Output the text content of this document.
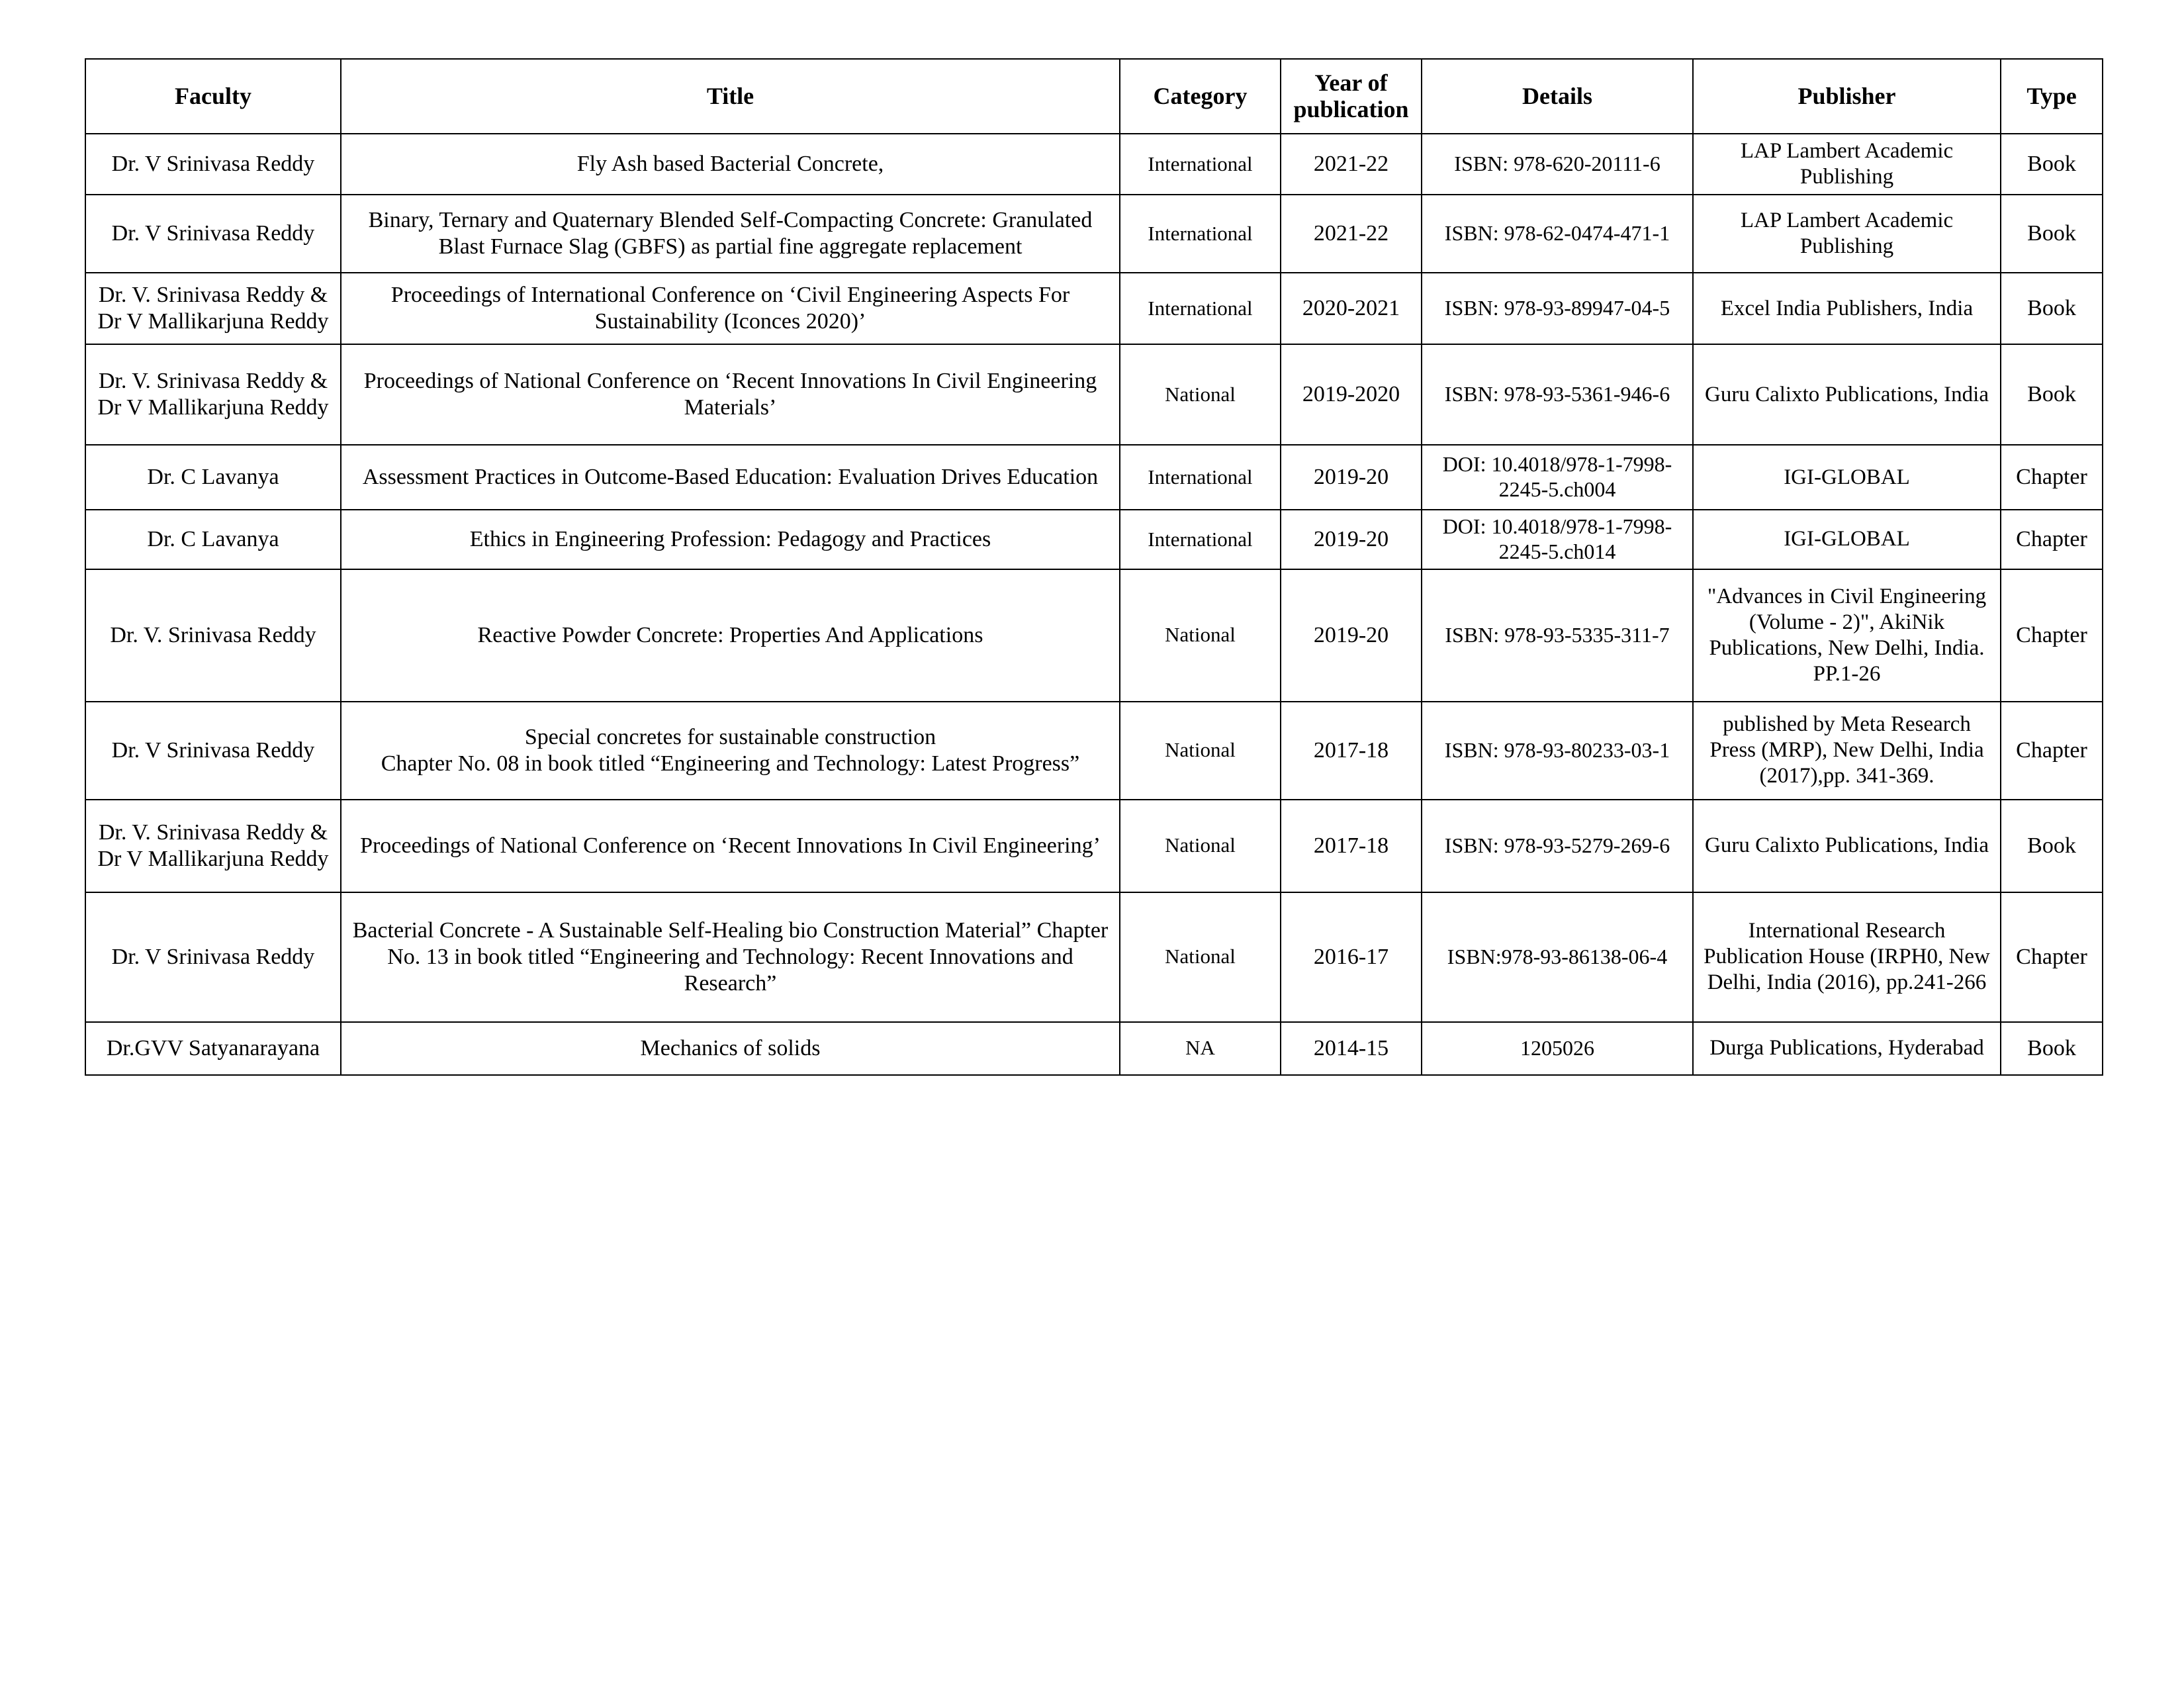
Faculty	Title	Category	Year of
publication	Details	Publisher	Type
Dr. V Srinivasa Reddy	Fly Ash based Bacterial Concrete,	International	2021-22	ISBN: 978-620-20111-6	LAP Lambert Academic Publishing	Book
Dr. V Srinivasa Reddy	Binary, Ternary and Quaternary Blended Self-Compacting Concrete: Granulated Blast Furnace Slag (GBFS) as partial fine aggregate replacement	International	2021-22	ISBN: 978-62-0474-471-1	LAP Lambert Academic Publishing	Book
Dr. V. Srinivasa Reddy & Dr V Mallikarjuna Reddy	Proceedings of International Conference on ‘Civil Engineering Aspects For Sustainability (Iconces 2020)’	International	2020-2021	ISBN: 978-93-89947-04-5	Excel India Publishers, India	Book
Dr. V. Srinivasa Reddy &
Dr V Mallikarjuna Reddy	Proceedings of National Conference on ‘Recent Innovations In Civil Engineering Materials’	National	2019-2020	ISBN: 978-93-5361-946-6	Guru Calixto Publications, India	Book
Dr. C Lavanya	Assessment Practices in Outcome-Based Education: Evaluation Drives Education	International	2019-20	DOI: 10.4018/978-1-7998-2245-5.ch004	IGI-GLOBAL	Chapter
Dr. C Lavanya	Ethics in Engineering Profession: Pedagogy and Practices	International	2019-20	DOI: 10.4018/978-1-7998-2245-5.ch014	IGI-GLOBAL	Chapter
Dr. V. Srinivasa Reddy	Reactive Powder Concrete: Properties And Applications	National	2019-20	ISBN: 978-93-5335-311-7	"Advances in Civil Engineering (Volume - 2)", AkiNik Publications, New Delhi, India. PP.1-26	Chapter
Dr. V Srinivasa Reddy	Special concretes for sustainable construction
Chapter No. 08 in book titled “Engineering and Technology: Latest Progress”	National	2017-18	ISBN: 978-93-80233-03-1	published by Meta Research Press (MRP), New Delhi, India (2017),pp. 341-369.	Chapter
Dr. V. Srinivasa Reddy & Dr V Mallikarjuna Reddy	Proceedings of National Conference on ‘Recent Innovations In Civil Engineering’	National	2017-18	ISBN: 978-93-5279-269-6	Guru Calixto Publications, India	Book
Dr. V Srinivasa Reddy	Bacterial Concrete - A Sustainable Self-Healing bio Construction Material” Chapter No. 13 in book titled “Engineering and Technology: Recent Innovations and Research”	National	2016-17	ISBN:978-93-86138-06-4	International Research Publication House (IRPH0, New Delhi, India (2016), pp.241-266	Chapter
Dr.GVV Satyanarayana	Mechanics of solids	NA	2014-15	1205026	Durga Publications, Hyderabad	Book
